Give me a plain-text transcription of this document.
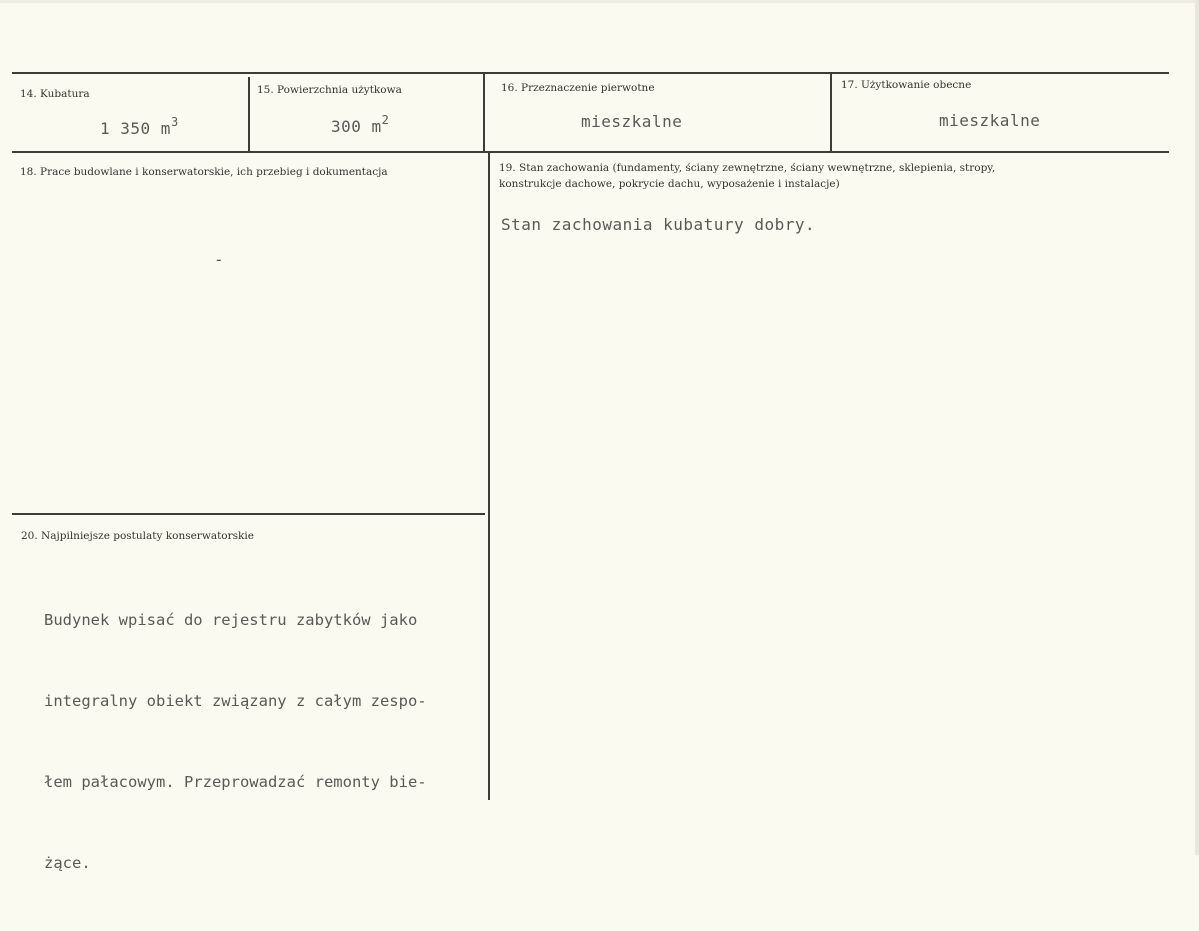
14. Kubatura
1 350 $m^3$
15. Powierzchnia użytkowa
300 $m^2$
16. Przeznaczenie pierwotne
mieszkalne
17. Użytkowanie obecne
mieszkalne
18. Prace budowlane i konserwatorskie, ich przebieg i dokumentacja
-
19. Stan zachowania (fundamenty, ściany zewnętrzne, ściany wewnętrzne, sklepienia, stropy,
konstrukcje dachowe, pokrycie dachu, wyposażenie i instalacje)
Stan zachowania kubatury dobry.
20. Najpilniejsze postulaty konserwatorskie

Budynek wpisać do rejestru zabytków jako

integralny obiekt związany z całym zespo-

łem pałacowym. Przeprowadzać remonty bie-

żące.
